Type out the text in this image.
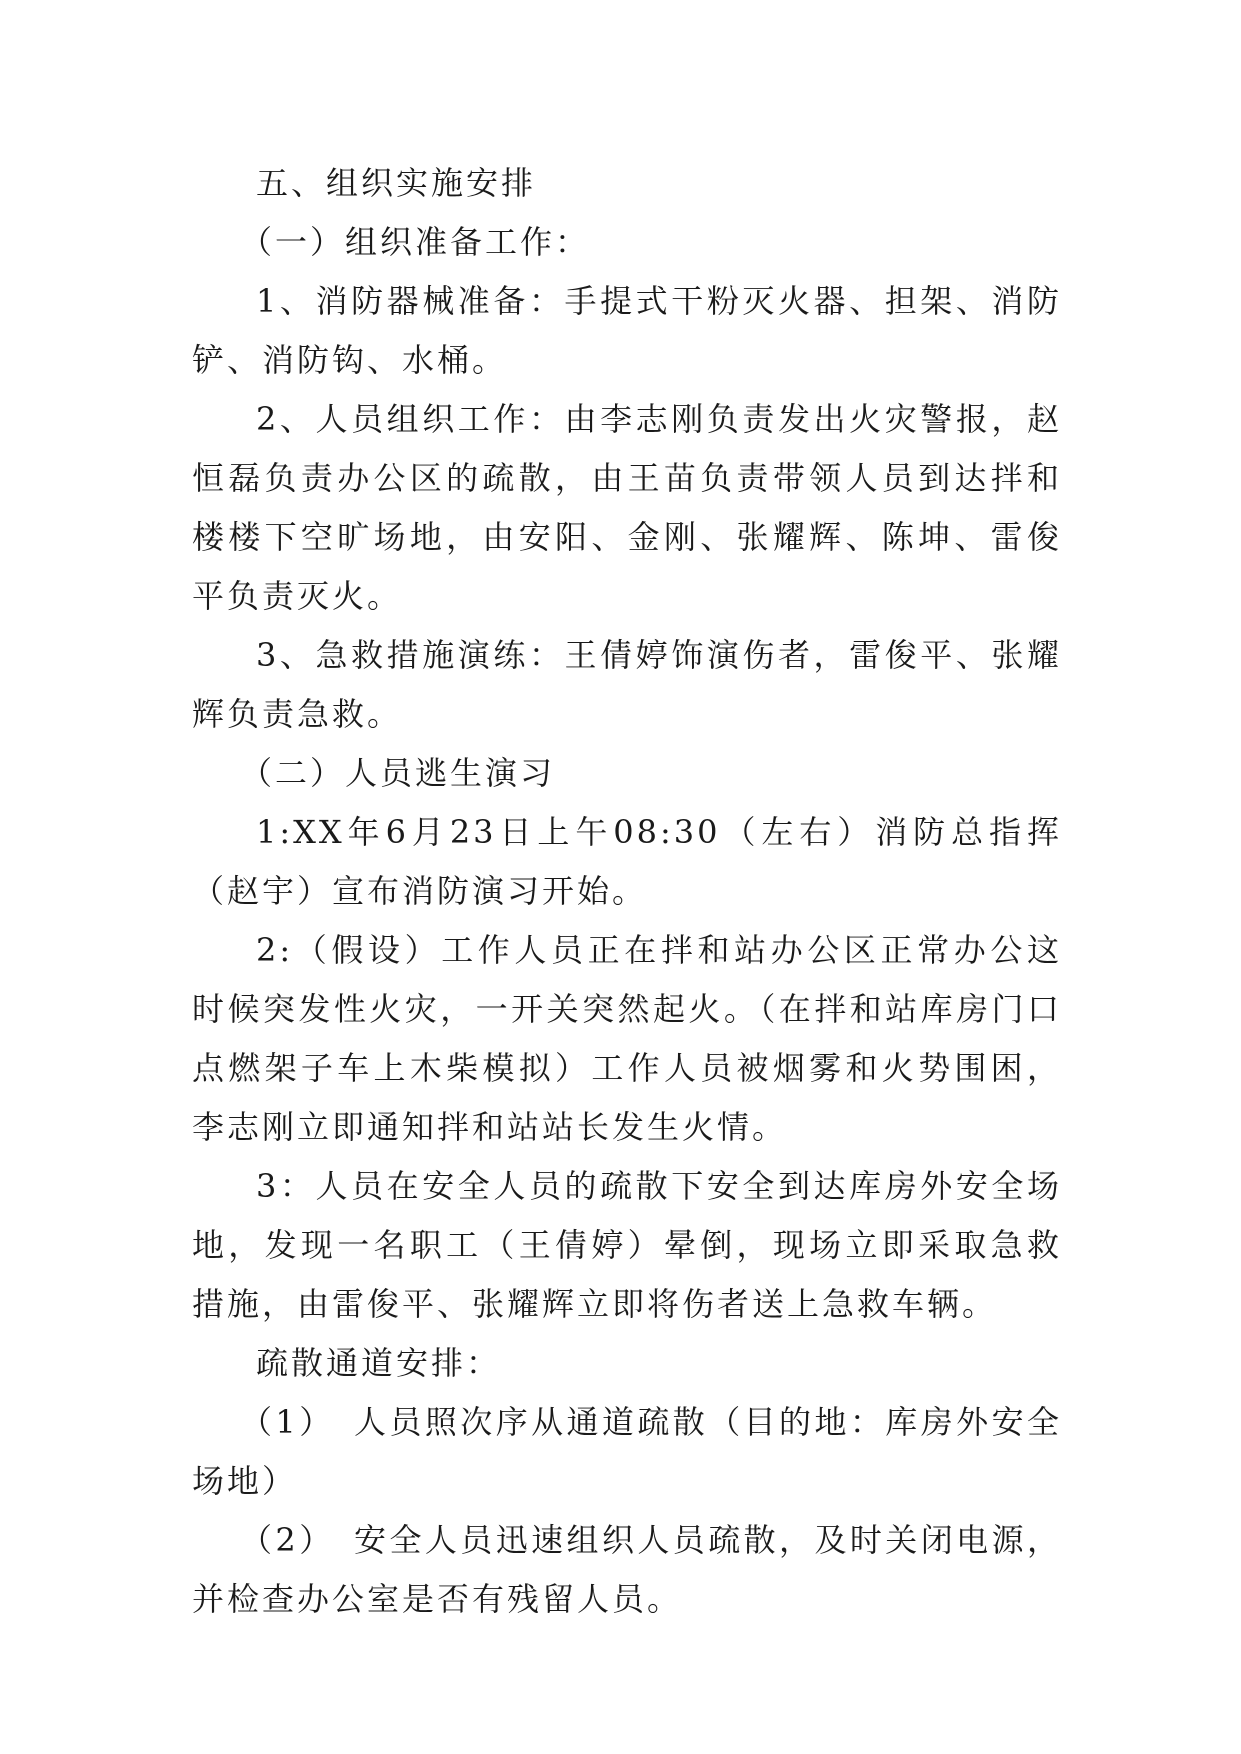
五、组织实施安排

（一）组织准备工作：

1、消防器械准备：手提式干粉灭火器、担架、消防铲、消防钩、水桶。

2、人员组织工作：由李志刚负责发出火灾警报，赵恒磊负责办公区的疏散，由王苗负责带领人员到达拌和楼楼下空旷场地，由安阳、金刚、张耀辉、陈坤、雷俊平负责灭火。

3、急救措施演练：王倩婷饰演伤者，雷俊平、张耀辉负责急救。

（二）人员逃生演习

1:XX年6月23日上午08:30（左右）消防总指挥（赵宇）宣布消防演习开始。

2:（假设）工作人员正在拌和站办公区正常办公这时候突发性火灾，一开关突然起火。（在拌和站库房门口点燃架子车上木柴模拟）工作人员被烟雾和火势围困，李志刚立即通知拌和站站长发生火情。

3：人员在安全人员的疏散下安全到达库房外安全场地，发现一名职工（王倩婷）晕倒，现场立即采取急救措施，由雷俊平、张耀辉立即将伤者送上急救车辆。

疏散通道安排：

（1）　人员照次序从通道疏散（目的地：库房外安全场地）

（2）　安全人员迅速组织人员疏散，及时关闭电源，并检查办公室是否有残留人员。
